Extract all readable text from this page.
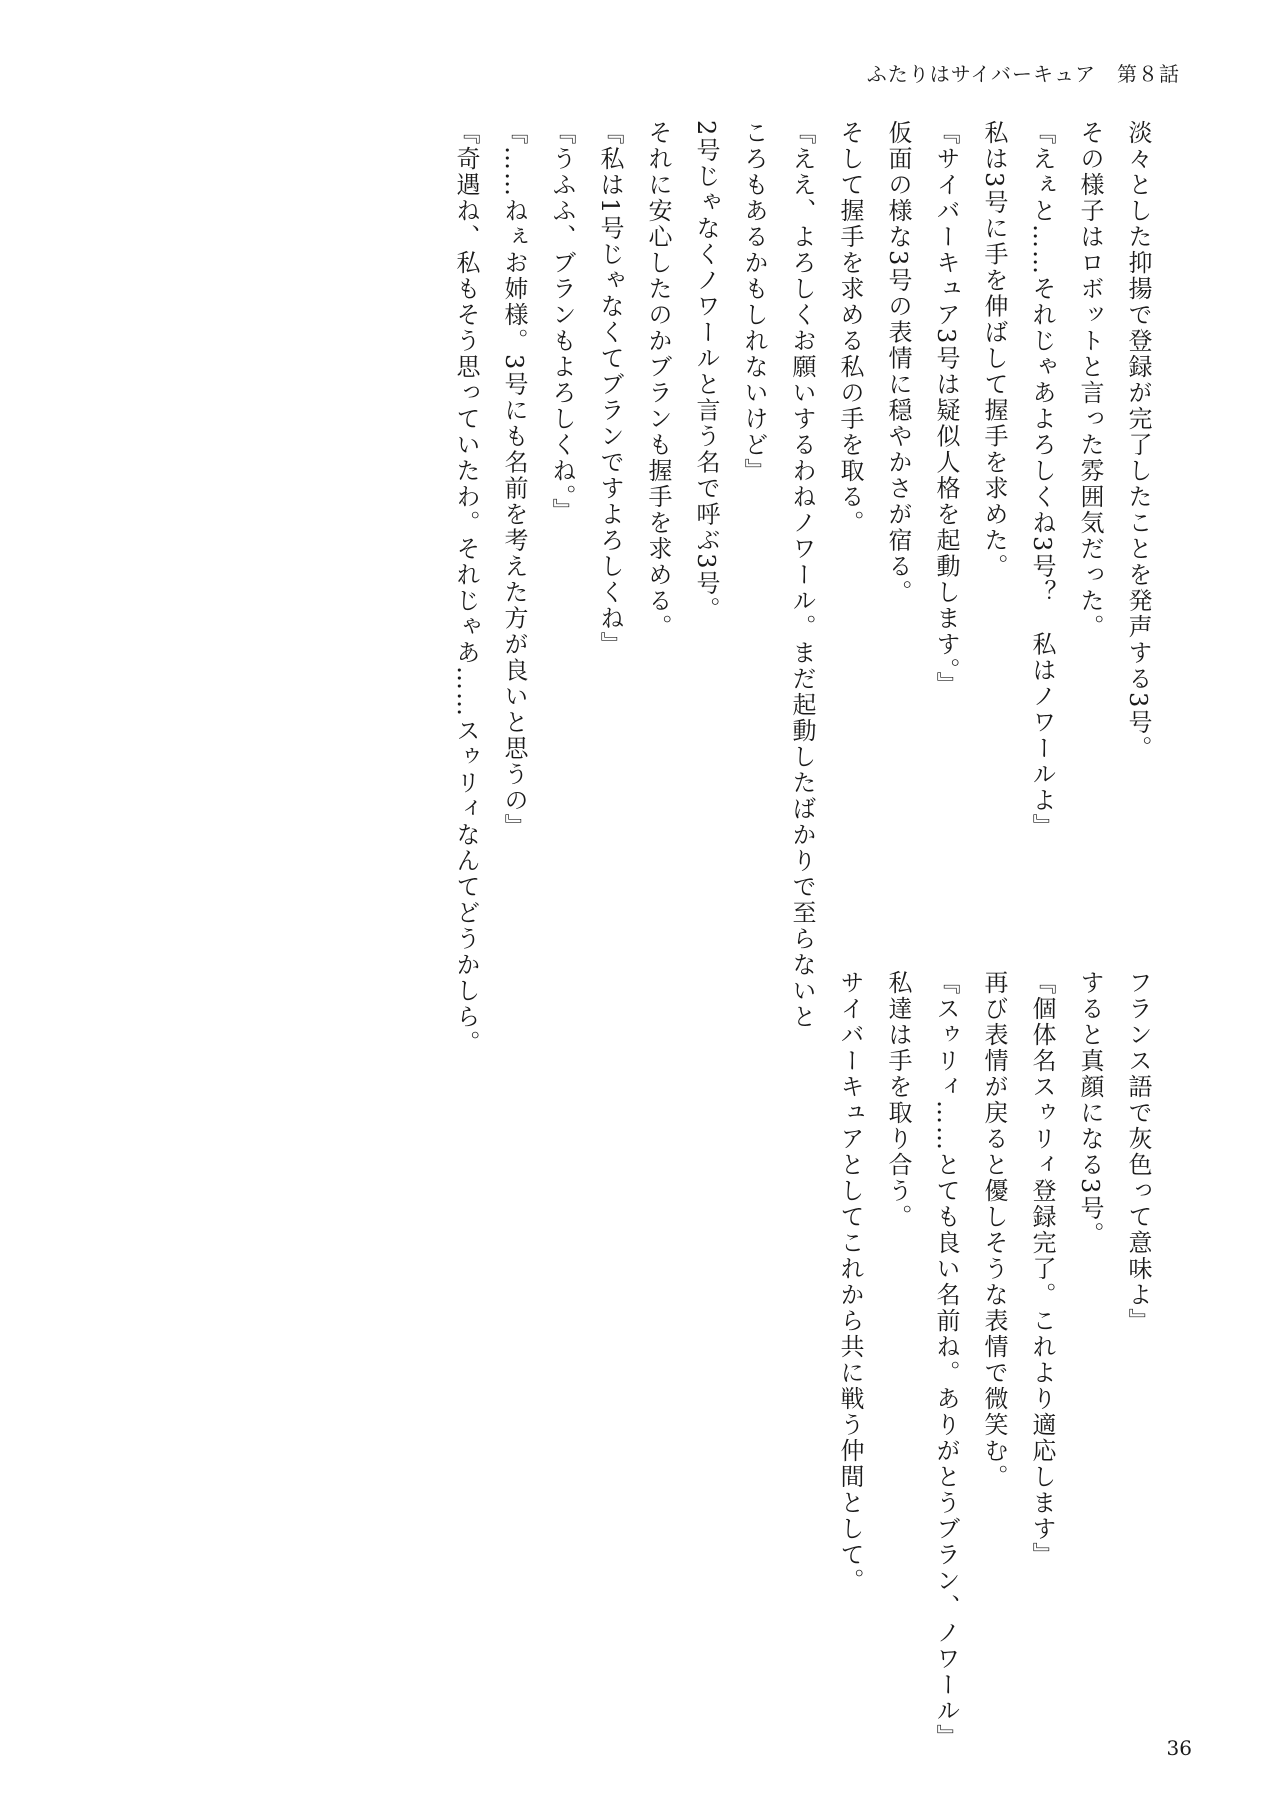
ふたりはサイバーキュア　第８話
淡々とした抑揚で登録が完了したことを発声する3号。
その様子はロボットと言った雰囲気だった。
『えぇと……それじゃあよろしくね3号？　私はノワールよ』
私は3号に手を伸ばして握手を求めた。
『サイバーキュア3号は疑似人格を起動します。』
仮面の様な3号の表情に穏やかさが宿る。
そして握手を求める私の手を取る。
『ええ、よろしくお願いするわねノワール。まだ起動したばかりで至らないと
ころもあるかもしれないけど』
2号じゃなくノワールと言う名で呼ぶ3号。
それに安心したのかブランも握手を求める。
『私は1号じゃなくてブランですよろしくね』
『うふふ、ブランもよろしくね。』
『……ねぇお姉様。3号にも名前を考えた方が良いと思うの』
『奇遇ね、私もそう思っていたわ。それじゃあ……スゥリィなんてどうかしら。
フランス語で灰色って意味よ』
すると真顔になる3号。
『個体名スゥリィ登録完了。これより適応します』
再び表情が戻ると優しそうな表情で微笑む。
『スゥリィ……とても良い名前ね。ありがとうブラン、ノワール』
私達は手を取り合う。
サイバーキュアとしてこれから共に戦う仲間として。
36
